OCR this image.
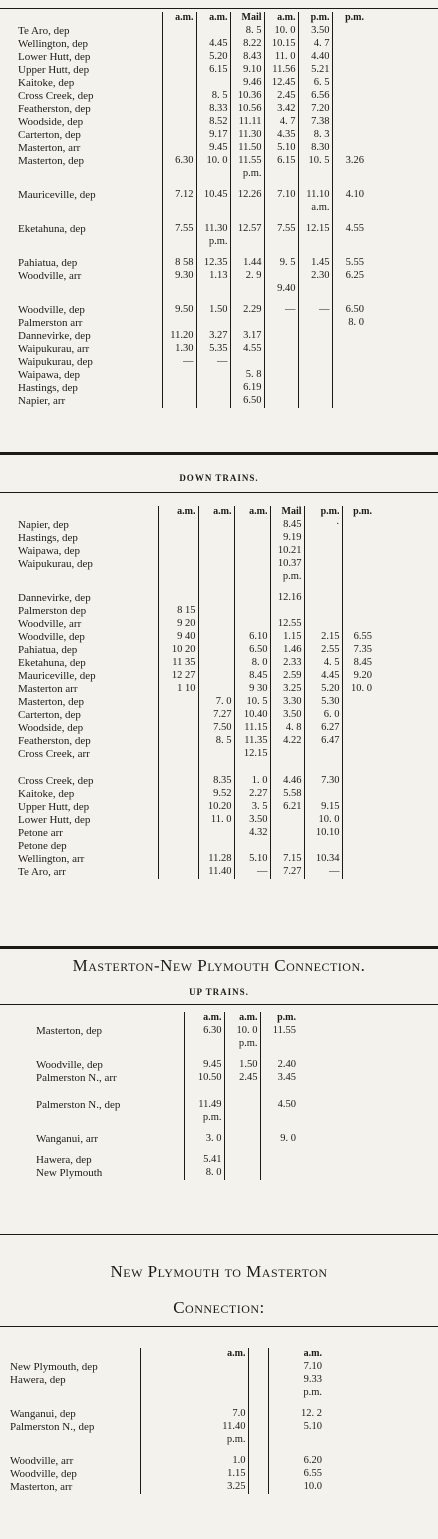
	a.m.	a.m.	Mail	a.m.	p.m.	p.m.
Te Aro, dep			8. 5	10. 0	3.50	
Wellington, dep		4.45	8.22	10.15	4. 7	
Lower Hutt, dep		5.20	8.43	11. 0	4.40	
Upper Hutt, dep		6.15	9.10	11.56	5.21	
Kaitoke, dep			9.46	12.45	6. 5	
Cross Creek, dep		8. 5	10.36	2.45	6.56	
Featherston, dep		8.33	10.56	3.42	7.20	
Woodside, dep		8.52	11.11	4. 7	7.38	
Carterton, dep		9.17	11.30	4.35	8. 3	
Masterton, arr		9.45	11.50	5.10	8.30	
Masterton, dep	6.30	10. 0	11.55	6.15	10. 5	3.26
			p.m.			

Mauriceville, dep	7.12	10.45	12.26	7.10	11.10	4.10
					a.m.	

Eketahuna, dep	7.55	11.30	12.57	7.55	12.15	4.55
		p.m.				

Pahiatua, dep	8 58	12.35	1.44	9. 5	1.45	5.55
Woodville, arr	9.30	1.13	2. 9		2.30	6.25
				9.40		

Woodville, dep	9.50	1.50	2.29	—	—	6.50
Palmerston arr						8. 0
Dannevirke, dep	11.20	3.27	3.17			
Waipukurau, arr	1.30	5.35	4.55			
Waipukurau, dep	—	—				
Waipawa, dep			5. 8			
Hastings, dep			6.19			
Napier, arr			6.50			
DOWN TRAINS.
	a.m.	a.m.	a.m.	Mail	p.m.	p.m.
Napier, dep				8.45	·	
Hastings, dep				9.19		
Waipawa, dep				10.21		
Waipukurau, dep				10.37		
				p.m.		

Dannevirke, dep				12.16		
Palmerston dep	8 15					
Woodville, arr	9 20			12.55		
Woodville, dep	9 40		6.10	1.15	2.15	6.55
Pahiatua, dep	10 20		6.50	1.46	2.55	7.35
Eketahuna, dep	11 35		8. 0	2.33	4. 5	8.45
Mauriceville, dep	12 27		8.45	2.59	4.45	9.20
Masterton arr	1 10		9 30	3.25	5.20	10. 0
Masterton, dep		7. 0	10. 5	3.30	5.30	
Carterton, dep		7.27	10.40	3.50	6. 0	
Woodside, dep		7.50	11.15	4. 8	6.27	
Featherston, dep		8. 5	11.35	4.22	6.47	
Cross Creek, arr			12.15			

Cross Creek, dep		8.35	1. 0	4.46	7.30	
Kaitoke, dep		9.52	2.27	5.58		
Upper Hutt, dep		10.20	3. 5	6.21	9.15	
Lower Hutt, dep		11. 0	3.50		10. 0	
Petone arr			4.32		10.10	
Petone dep						
Wellington, arr		11.28	5.10	7.15	10.34	
Te Aro, arr		11.40	—	7.27	—	
Masterton-New Plymouth Connection.
UP TRAINS.
	a.m.	a.m.	p.m.
Masterton, dep	6.30	10. 0	11.55
		p.m.	

Woodville, dep	9.45	1.50	2.40
Palmerston N., arr	10.50	2.45	3.45

Palmerston N., dep	11.49		4.50
	p.m.		

Wanganui, arr	3. 0		9. 0

Hawera, dep	5.41		
New Plymouth	8. 0		
New Plymouth to Masterton
Connection:
	a.m.		a.m.
New Plymouth, dep			7.10
Hawera, dep			9.33
			p.m.

Wanganui, dep	7.0		12. 2
Palmerston N., dep	11.40		5.10
	p.m.		

Woodville, arr	1.0		6.20
Woodville, dep	1.15		6.55
Masterton, arr	3.25		10.0
